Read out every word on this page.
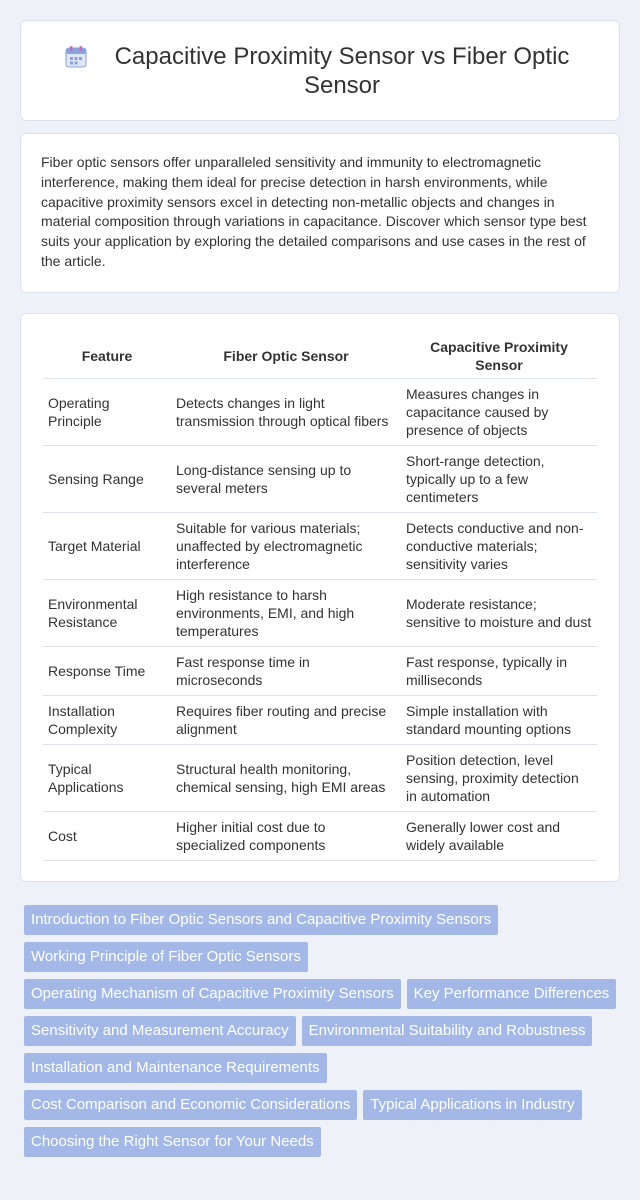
Capacitive Proximity Sensor vs Fiber Optic Sensor
Fiber optic sensors offer unparalleled sensitivity and immunity to electromagnetic interference, making them ideal for precise detection in harsh environments, while capacitive proximity sensors excel in detecting non-metallic objects and changes in material composition through variations in capacitance. Discover which sensor type best suits your application by exploring the detailed comparisons and use cases in the rest of the article.
Feature	Fiber Optic Sensor	Capacitive Proximity Sensor
Operating Principle	Detects changes in light transmission through optical fibers	Measures changes in capacitance caused by presence of objects
Sensing Range	Long-distance sensing up to several meters	Short-range detection, typically up to a few centimeters
Target Material	Suitable for various materials; unaffected by electromagnetic interference	Detects conductive and non-conductive materials; sensitivity varies
Environmental Resistance	High resistance to harsh environments, EMI, and high temperatures	Moderate resistance; sensitive to moisture and dust
Response Time	Fast response time in microseconds	Fast response, typically in milliseconds
Installation Complexity	Requires fiber routing and precise alignment	Simple installation with standard mounting options
Typical Applications	Structural health monitoring, chemical sensing, high EMI areas	Position detection, level sensing, proximity detection in automation
Cost	Higher initial cost due to specialized components	Generally lower cost and widely available
Introduction to Fiber Optic Sensors and Capacitive Proximity Sensors
Working Principle of Fiber Optic Sensors
Operating Mechanism of Capacitive Proximity Sensors	Key Performance Differences
Sensitivity and Measurement Accuracy	Environmental Suitability and Robustness
Installation and Maintenance Requirements
Cost Comparison and Economic Considerations	Typical Applications in Industry
Choosing the Right Sensor for Your Needs
